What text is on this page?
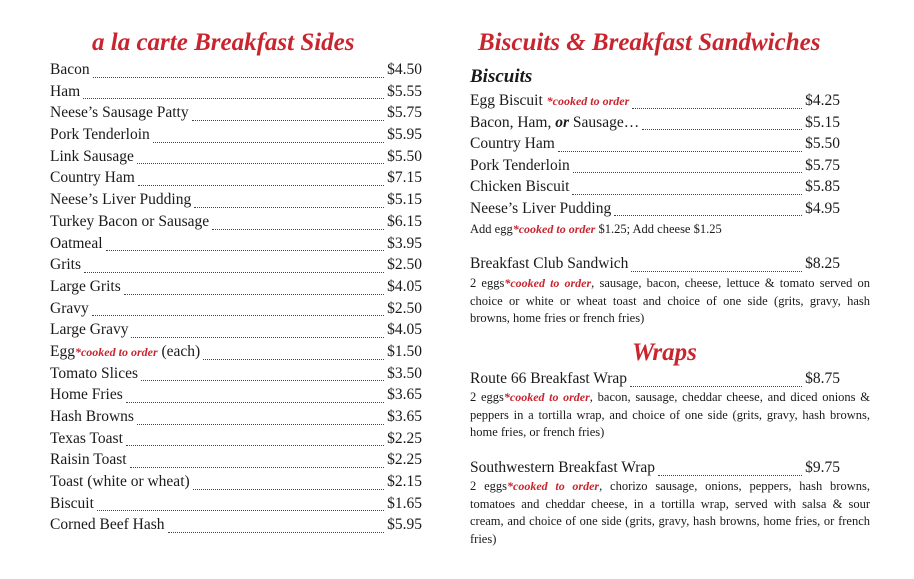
a la carte Breakfast Sides
Bacon	$4.50
Ham	$5.55
Neese’s Sausage Patty	$5.75
Pork Tenderloin	$5.95
Link Sausage	$5.50
Country Ham	$7.15
Neese’s Liver Pudding	$5.15
Turkey Bacon or Sausage	$6.15
Oatmeal	$3.95
Grits	$2.50
Large Grits	$4.05
Gravy	$2.50
Large Gravy	$4.05
Egg*cooked to order (each)	$1.50
Tomato Slices	$3.50
Home Fries	$3.65
Hash Browns	$3.65
Texas Toast	$2.25
Raisin Toast	$2.25
Toast (white or wheat)	$2.15
Biscuit	$1.65
Corned Beef Hash	$5.95
Biscuits & Breakfast Sandwiches
Biscuits
Egg Biscuit *cooked to order	$4.25
Bacon, Ham, or Sausage…	$5.15
Country Ham	$5.50
Pork Tenderloin	$5.75
Chicken Biscuit	$5.85
Neese’s Liver Pudding	$4.95
Add egg*cooked to order $1.25; Add cheese $1.25
Breakfast Club Sandwich	$8.25
2 eggs*cooked to order, sausage, bacon, cheese, lettuce & tomato served on choice or white or wheat toast and choice of one side (grits, gravy, hash browns, home fries or french fries)
Wraps
Route 66 Breakfast Wrap	$8.75
2 eggs*cooked to order, bacon, sausage, cheddar cheese, and diced onions & peppers in a tortilla wrap, and choice of one side (grits, gravy, hash browns, home fries, or french fries)
Southwestern Breakfast Wrap	$9.75
2 eggs*cooked to order, chorizo sausage, onions, peppers, hash browns, tomatoes and cheddar cheese, in a tortilla wrap, served with salsa & sour cream, and choice of one side (grits, gravy, hash browns, home fries, or french fries)
